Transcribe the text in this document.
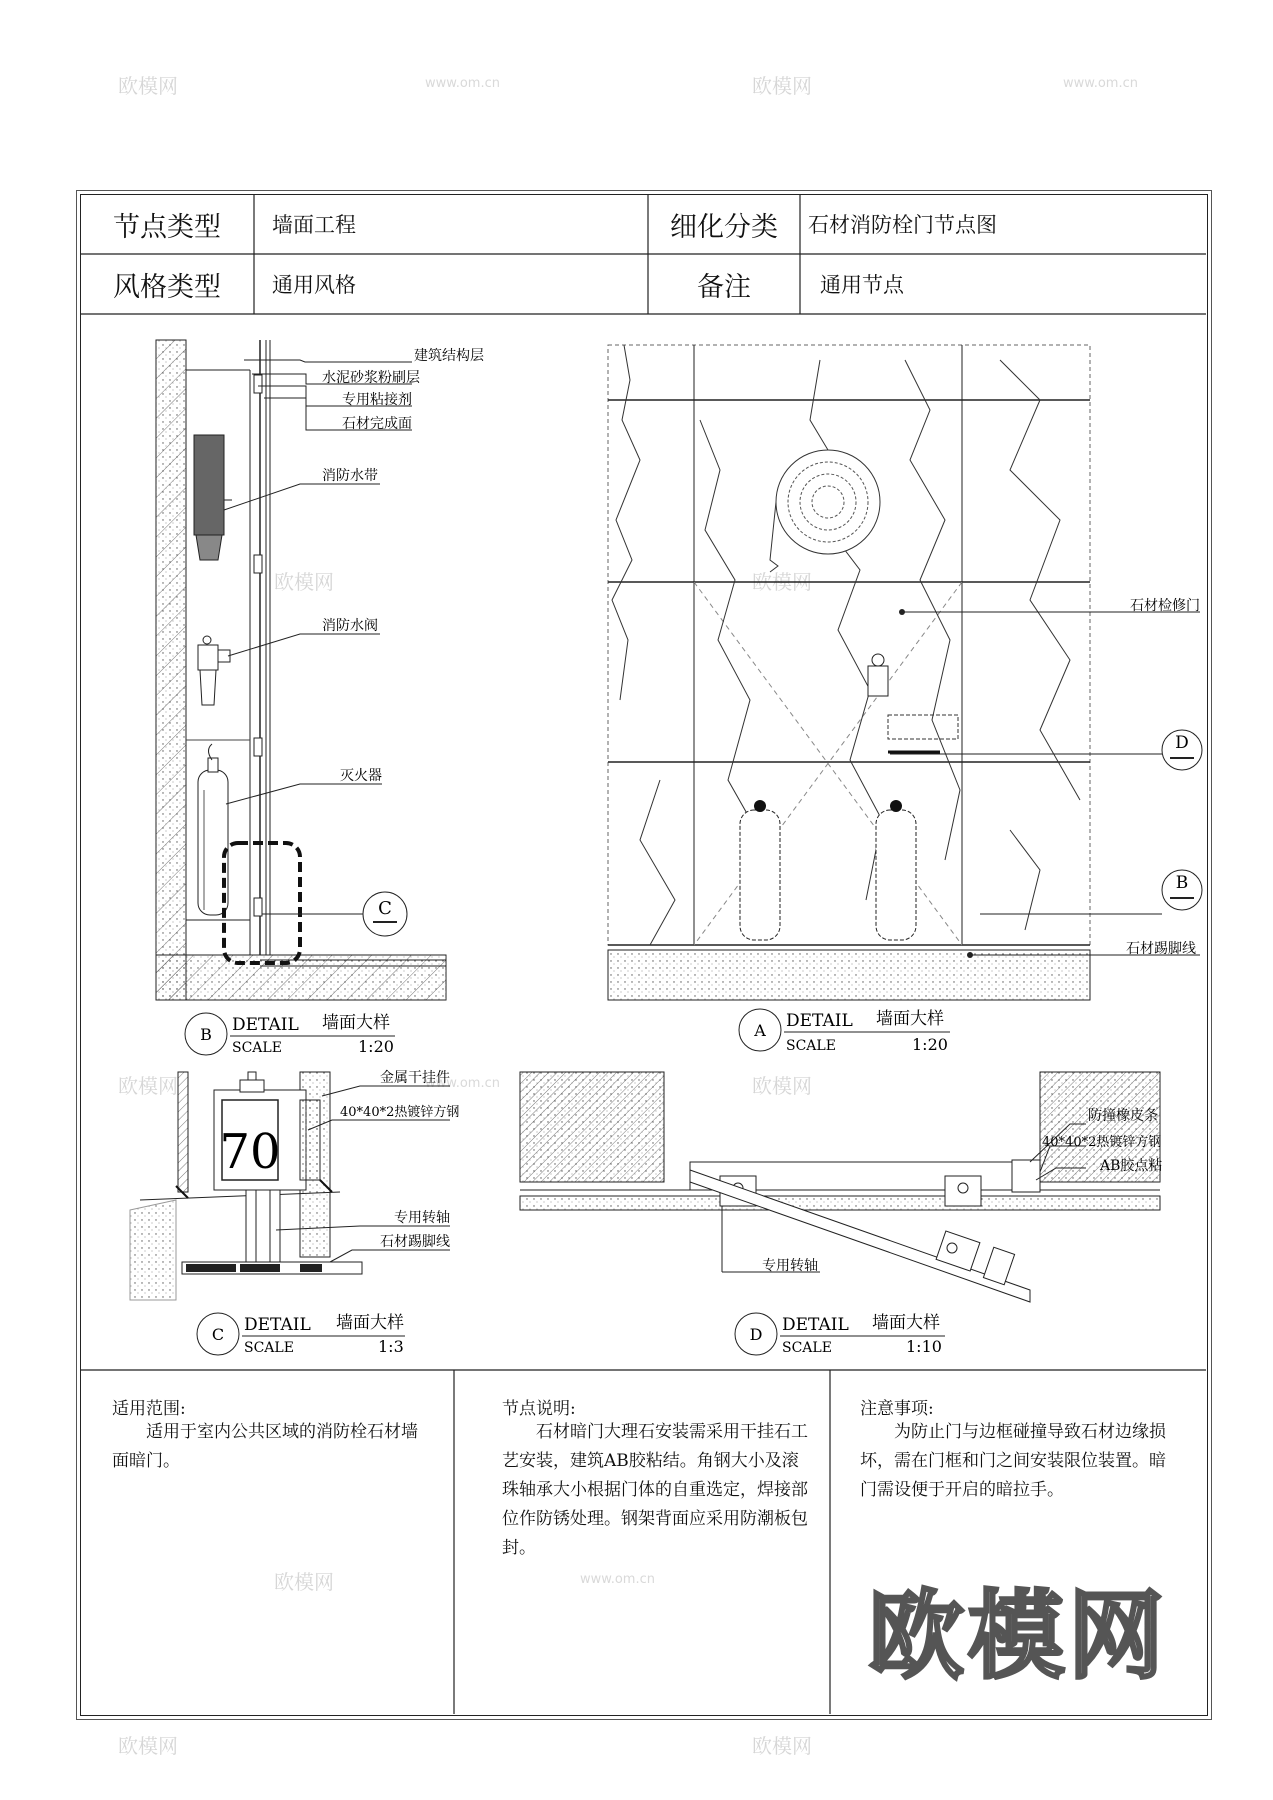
欧模网	www.om.cn	欧模网	www.om.cn
欧模网	欧模网
欧模网	www.om.cn	欧模网
欧模网	www.om.cn
欧模网	欧模网
节点类型	墙面工程	细化分类	石材消防栓门节点图
风格类型	通用风格	备注	通用节点
C
建筑结构层
水泥砂浆粉刷层
专用粘接剂
石材完成面
消防水带
消防水阀
灭火器
B DETAIL
SCALE
墙面大样
1:20
D
B
石材检修门
石材踢脚线
A DETAIL
SCALE
墙面大样
1:20
70
金属干挂件
40*40*2热镀锌方钢
专用转轴
石材踢脚线
C DETAIL
SCALE
墙面大样
1:3
防撞橡皮条
40*40*2热镀锌方钢
AB胶点粘
专用转轴
D DETAIL
SCALE
墙面大样
1:10
适用范围:
适用于室内公共区域的消防栓石材墙面暗门。
节点说明:
石材暗门大理石安装需采用干挂石工艺安装，建筑AB胶粘结。角钢大小及滚珠轴承大小根据门体的自重选定，焊接部位作防锈处理。钢架背面应采用防潮板包封。
注意事项:
为防止门与边框碰撞导致石材边缘损坏，需在门框和门之间安装限位装置。暗门需设便于开启的暗拉手。
欧模网
